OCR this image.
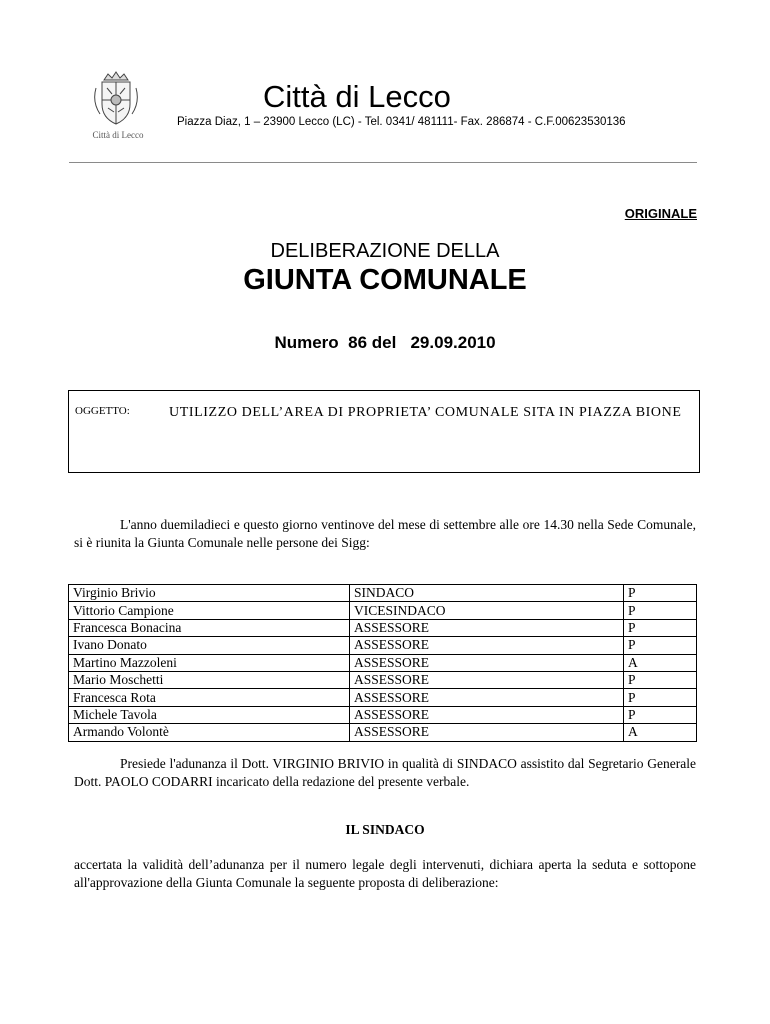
Città di Lecco
Città di Lecco
Piazza Diaz, 1 – 23900 Lecco (LC) - Tel. 0341/ 481111- Fax. 286874 - C.F.00623530136
ORIGINALE
DELIBERAZIONE DELLA
GIUNTA COMUNALE
Numero  86 del   29.09.2010
OGGETTO:	UTILIZZO DELL’AREA DI PROPRIETA’ COMUNALE SITA IN PIAZZA BIONE
L'anno duemiladieci e questo giorno ventinove del mese di settembre alle ore 14.30 nella Sede Comunale, si è riunita la Giunta Comunale nelle persone dei Sigg:
Virginio Brivio	SINDACO	P
Vittorio Campione	VICESINDACO	P
Francesca Bonacina	ASSESSORE	P
Ivano Donato	ASSESSORE	P
Martino Mazzoleni	ASSESSORE	A
Mario Moschetti	ASSESSORE	P
Francesca Rota	ASSESSORE	P
Michele Tavola	ASSESSORE	P
Armando Volontè	ASSESSORE	A
Presiede l'adunanza il Dott. VIRGINIO BRIVIO in qualità di SINDACO assistito dal Segretario Generale Dott. PAOLO CODARRI incaricato della redazione del presente verbale.
IL SINDACO
accertata la validità dell’adunanza per il numero legale degli intervenuti, dichiara aperta la seduta e sottopone all'approvazione della Giunta Comunale la seguente proposta di deliberazione:
